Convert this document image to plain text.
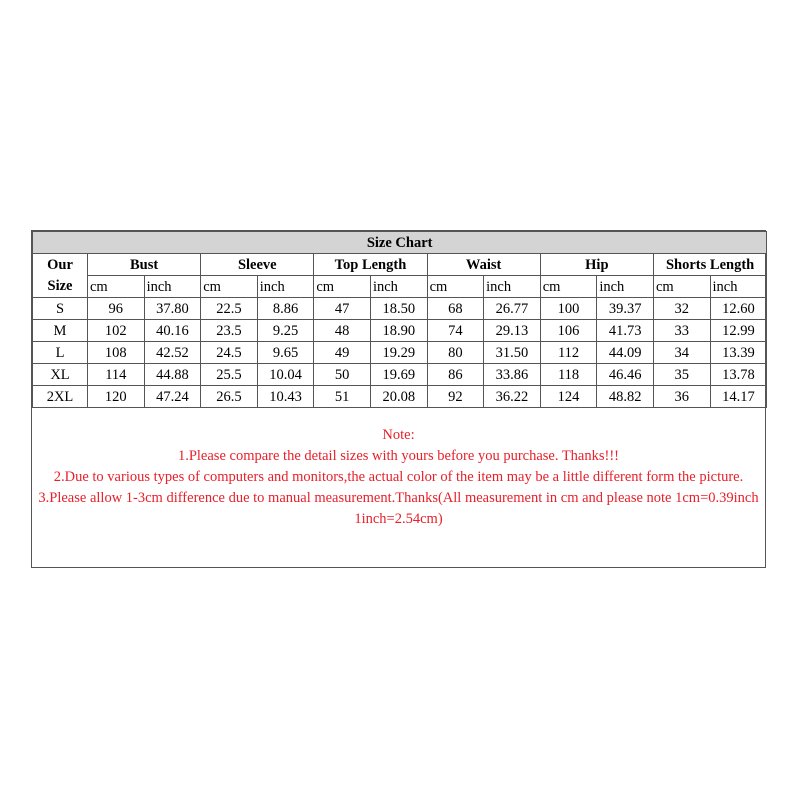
Size Chart												

Our
Size	Bust		Sleeve		Top Length		Waist		Hip		Shorts Length	
	cm	inch	cm	inch	cm	inch	cm	inch	cm	inch	cm	inch
S	96	37.80	22.5	8.86	47	18.50	68	26.77	100	39.37	32	12.60
M	102	40.16	23.5	9.25	48	18.90	74	29.13	106	41.73	33	12.99
L	108	42.52	24.5	9.65	49	19.29	80	31.50	112	44.09	34	13.39
XL	114	44.88	25.5	10.04	50	19.69	86	33.86	118	46.46	35	13.78
2XL	120	47.24	26.5	10.43	51	20.08	92	36.22	124	48.82	36	14.17

Note:

1.Please compare the detail sizes with yours before you purchase. Thanks!!!

2.Due to various types of computers and monitors,the actual color of the item may be a little different form the picture.

3.Please allow 1-3cm difference due to manual measurement.Thanks(All measurement in cm and please note 1cm=0.39inch 1inch=2.54cm)
